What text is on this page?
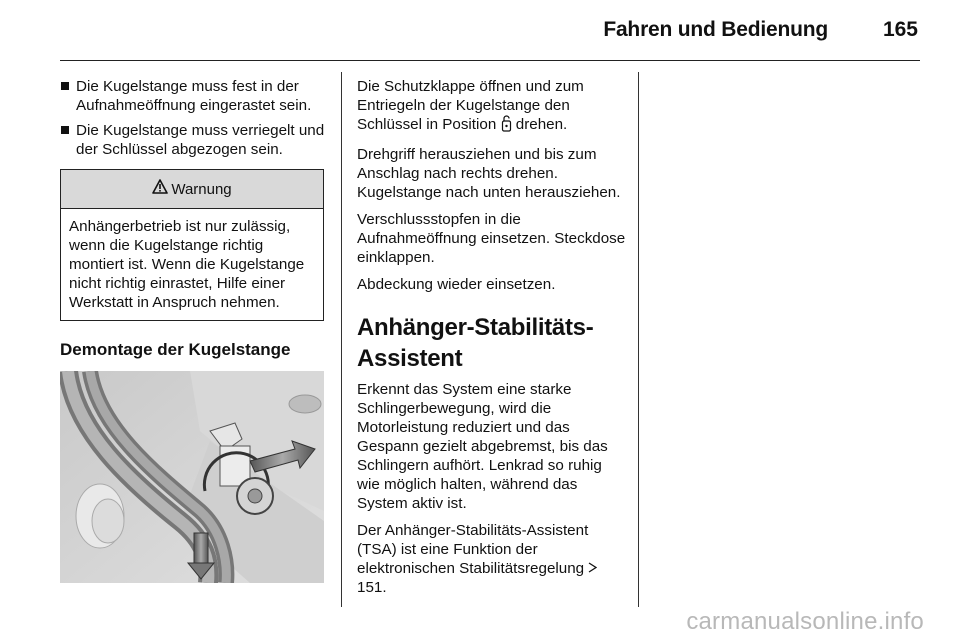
Fahren und Bedienung	165
Die Kugelstange muss fest in der Aufnahmeöffnung eingerastet sein.
Die Kugelstange muss verriegelt und der Schlüssel abgezogen sein.
Warnung
Anhängerbetrieb ist nur zulässig, wenn die Kugelstange richtig montiert ist. Wenn die Kugelstange nicht richtig einrastet, Hilfe einer Werkstatt in Anspruch nehmen.
Demontage der Kugelstange

Die Schutzklappe öffnen und zum Entriegeln der Kugelstange den Schlüssel in Position drehen.

Drehgriff herausziehen und bis zum Anschlag nach rechts drehen. Kugelstange nach unten herausziehen.

Verschlussstopfen in die Aufnahmeöffnung einsetzen. Steckdose einklappen.

Abdeckung wieder einsetzen.

Anhänger-Stabilitäts-Assistent

Erkennt das System eine starke Schlingerbewegung, wird die Motorleistung reduziert und das Gespann gezielt abgebremst, bis das Schlingern aufhört. Lenkrad so ruhig wie möglich halten, während das System aktiv ist.

Der Anhänger-Stabilitäts-Assistent (TSA) ist eine Funktion der elektronischen Stabilitätsregelung  151.

carmanualsonline.info
